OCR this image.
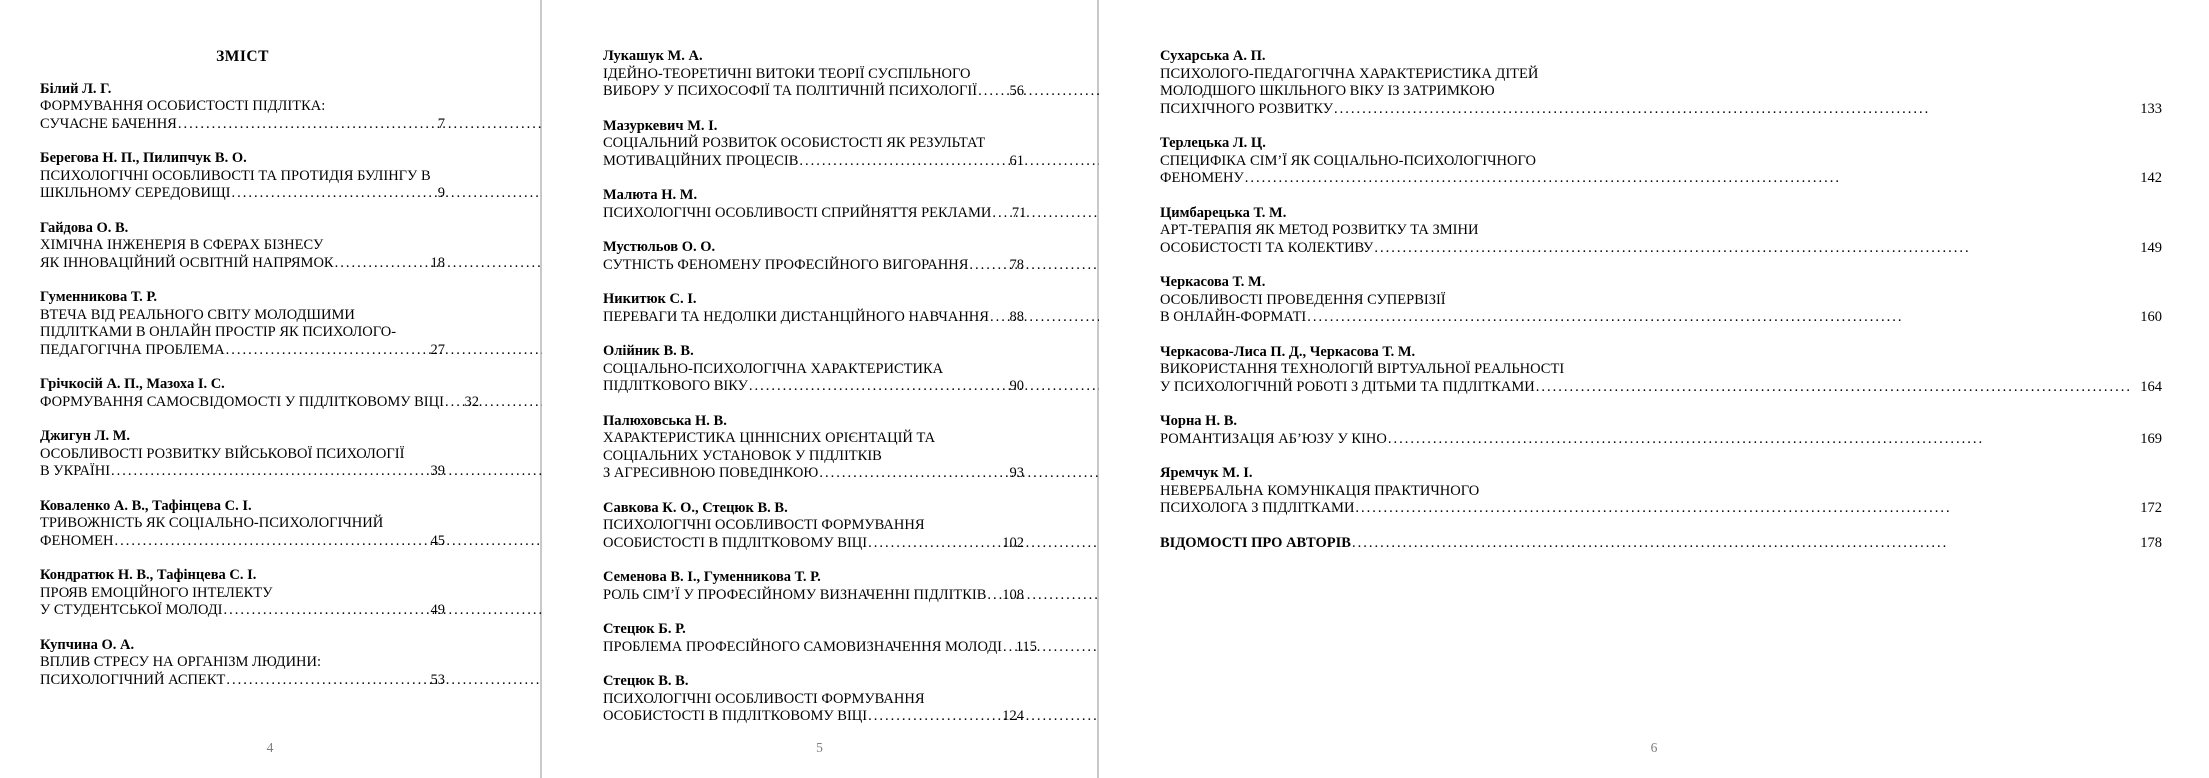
ЗМІСТ
Білий Л. Г.
ФОРМУВАННЯ ОСОБИСТОСТІ ПІДЛІТКА:
СУЧАСНЕ БАЧЕННЯ .....	7
Берегова Н. П., Пилипчук В. О.
ПСИХОЛОГІЧНІ ОСОБЛИВОСТІ ТА ПРОТИДІЯ БУЛІНГУ В
ШКІЛЬНОМУ СЕРЕДОВИЩІ .....	9
Гайдова О. В.
ХІМІЧНА ІНЖЕНЕРІЯ В СФЕРАХ БІЗНЕСУ
ЯК ІННОВАЦІЙНИЙ ОСВІТНІЙ НАПРЯМОК .....	18
Гуменникова Т. Р.
ВТЕЧА ВІД РЕАЛЬНОГО СВІТУ МОЛОДШИМИ
ПІДЛІТКАМИ В ОНЛАЙН ПРОСТІР ЯК ПСИХОЛОГО-
ПЕДАГОГІЧНА ПРОБЛЕМА .....	27
Грічкосій А. П., Мазоха І. С.
ФОРМУВАННЯ САМОСВІДОМОСТІ У ПІДЛІТКОВОМУ ВІЦІ .....	32
Джигун Л. М.
ОСОБЛИВОСТІ РОЗВИТКУ ВІЙСЬКОВОЇ ПСИХОЛОГІЇ
В УКРАЇНІ .....	39
Коваленко А. В., Тафінцева С. І.
ТРИВОЖНІСТЬ ЯК СОЦІАЛЬНО-ПСИХОЛОГІЧНИЙ
ФЕНОМЕН .....	45
Кондратюк Н. В., Тафінцева С. І.
ПРОЯВ ЕМОЦІЙНОГО ІНТЕЛЕКТУ
У СТУДЕНТСЬКОЇ МОЛОДІ .....	49
Купчина О. А.
ВПЛИВ СТРЕСУ НА ОРГАНІЗМ ЛЮДИНИ:
ПСИХОЛОГІЧНИЙ АСПЕКТ .....	53
4
Лукашук М. А.
ІДЕЙНО-ТЕОРЕТИЧНІ ВИТОКИ ТЕОРІЇ СУСПІЛЬНОГО
ВИБОРУ У ПСИХОСОФІЇ ТА ПОЛІТИЧНІЙ ПСИХОЛОГІЇ .....	56
Мазуркевич М. І.
СОЦІАЛЬНИЙ РОЗВИТОК ОСОБИСТОСТІ ЯК РЕЗУЛЬТАТ
МОТИВАЦІЙНИХ ПРОЦЕСІВ .....	61
Малюта Н. М.
ПСИХОЛОГІЧНІ ОСОБЛИВОСТІ СПРИЙНЯТТЯ РЕКЛАМИ .....	71
Мустюльов О. О.
СУТНІСТЬ ФЕНОМЕНУ ПРОФЕСІЙНОГО ВИГОРАННЯ .....	78
Никитюк С. І.
ПЕРЕВАГИ ТА НЕДОЛІКИ ДИСТАНЦІЙНОГО НАВЧАННЯ .....	88
Олійник В. В.
СОЦІАЛЬНО-ПСИХОЛОГІЧНА ХАРАКТЕРИСТИКА
ПІДЛІТКОВОГО ВІКУ .....	90
Палюховська Н. В.
ХАРАКТЕРИСТИКА ЦІННІСНИХ ОРІЄНТАЦІЙ ТА
СОЦІАЛЬНИХ УСТАНОВОК У ПІДЛІТКІВ
З АГРЕСИВНОЮ ПОВЕДІНКОЮ .....	93
Савкова К. О., Стецюк В. В.
ПСИХОЛОГІЧНІ ОСОБЛИВОСТІ ФОРМУВАННЯ
ОСОБИСТОСТІ В ПІДЛІТКОВОМУ ВІЦІ .....	102
Семенова В. І., Гуменникова Т. Р.
РОЛЬ СІМ’Ї У ПРОФЕСІЙНОМУ ВИЗНАЧЕННІ ПІДЛІТКІВ .....	108
Стецюк Б. Р.
ПРОБЛЕМА ПРОФЕСІЙНОГО САМОВИЗНАЧЕННЯ МОЛОДІ ..... 115
Стецюк В. В.
ПСИХОЛОГІЧНІ ОСОБЛИВОСТІ ФОРМУВАННЯ
ОСОБИСТОСТІ В ПІДЛІТКОВОМУ ВІЦІ .....	124
5
Сухарська А. П.
ПСИХОЛОГО-ПЕДАГОГІЧНА ХАРАКТЕРИСТИКА ДІТЕЙ
МОЛОДШОГО ШКІЛЬНОГО ВІКУ ІЗ ЗАТРИМКОЮ
ПСИХІЧНОГО РОЗВИТКУ .....	133
Терлецька Л. Ц.
СПЕЦИФІКА СІМ’Ї ЯК СОЦІАЛЬНО-ПСИХОЛОГІЧНОГО
ФЕНОМЕНУ .....	142
Цимбарецька Т. М.
АРТ-ТЕРАПІЯ ЯК МЕТОД РОЗВИТКУ ТА ЗМІНИ
ОСОБИСТОСТІ ТА КОЛЕКТИВУ .....	149
Черкасова Т. М.
ОСОБЛИВОСТІ ПРОВЕДЕННЯ СУПЕРВІЗІЇ
В ОНЛАЙН-ФОРМАТІ .....	160
Черкасова-Лиса П. Д., Черкасова Т. М.
ВИКОРИСТАННЯ ТЕХНОЛОГІЙ ВІРТУАЛЬНОЇ РЕАЛЬНОСТІ
У ПСИХОЛОГІЧНІЙ РОБОТІ З ДІТЬМИ ТА ПІДЛІТКАМИ .....	164
Чорна Н. В.
РОМАНТИЗАЦІЯ АБ’ЮЗУ У КІНО .....	169
Яремчук М. І.
НЕВЕРБАЛЬНА КОМУНІКАЦІЯ ПРАКТИЧНОГО
ПСИХОЛОГА З ПІДЛІТКАМИ .....	172
ВІДОМОСТІ ПРО АВТОРІВ .....	178
6
